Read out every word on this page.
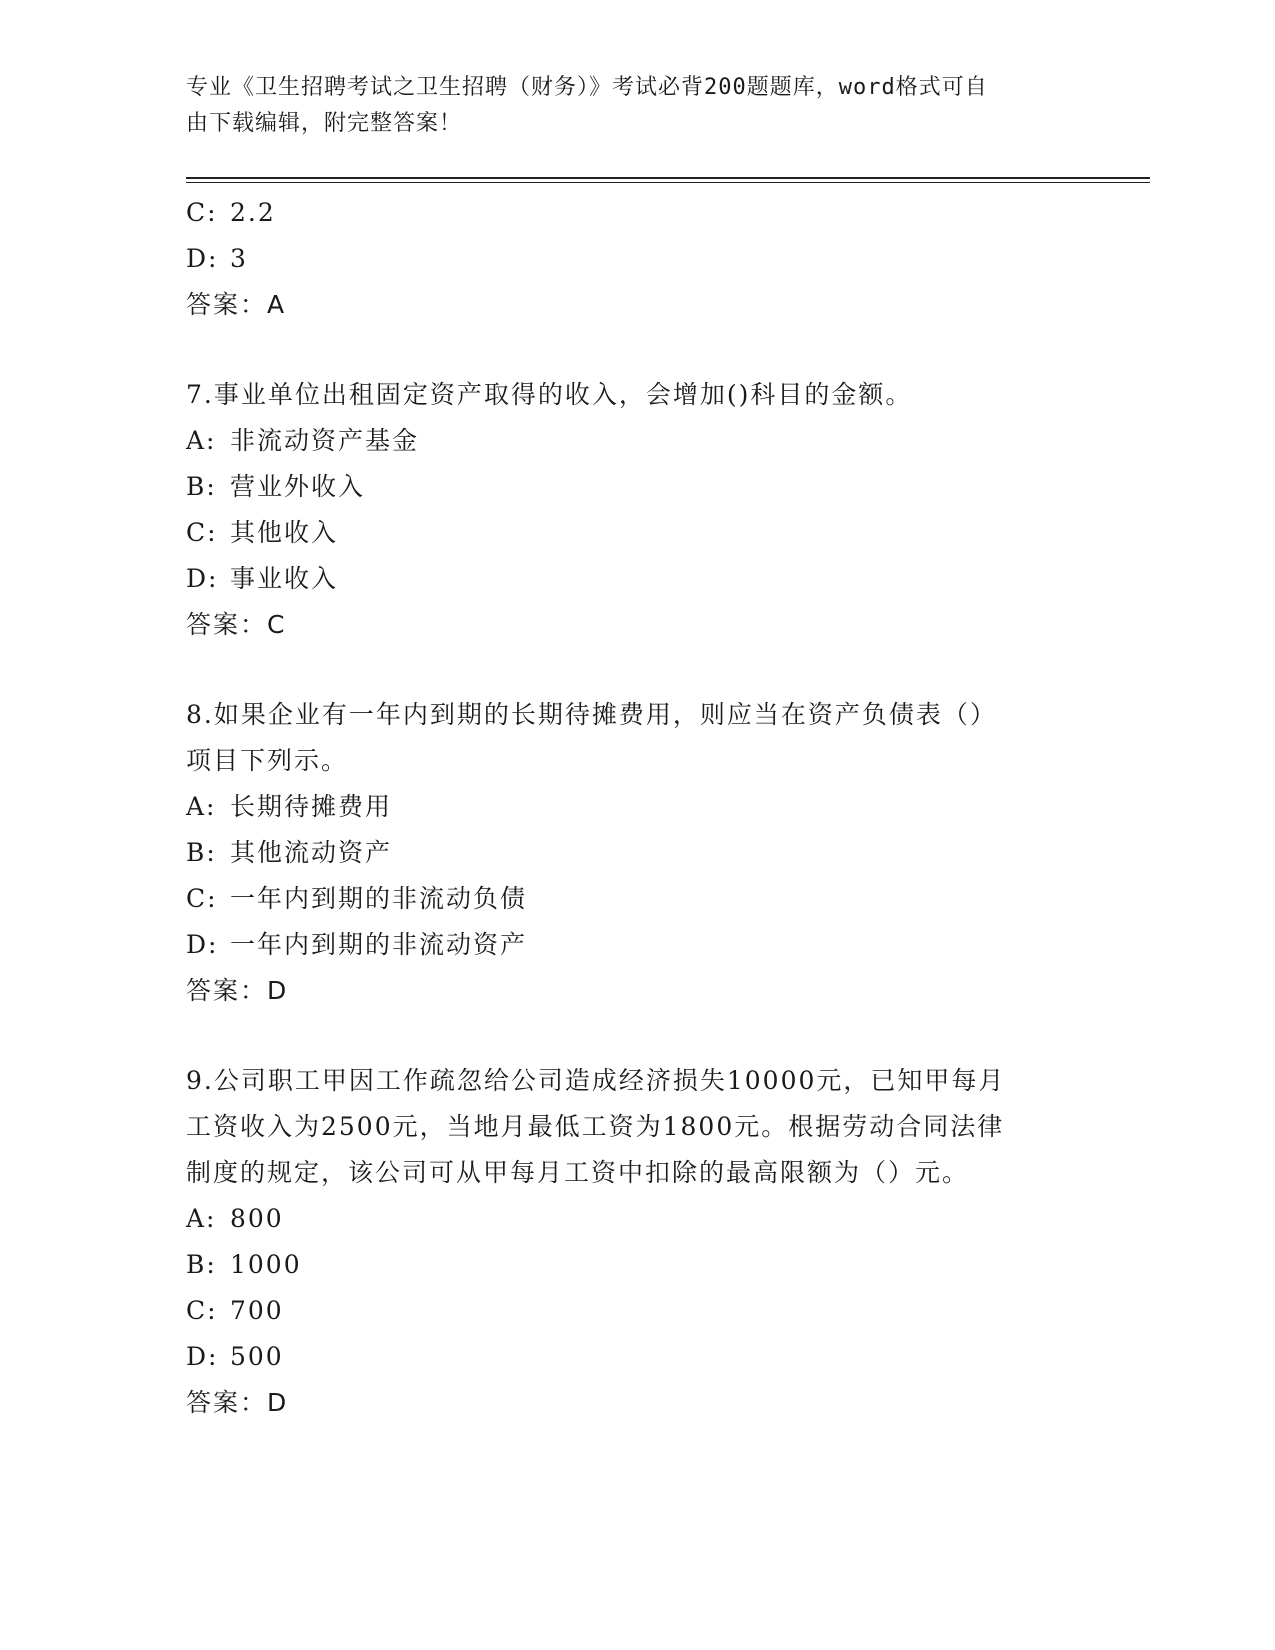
专业《卫生招聘考试之卫生招聘（财务）》考试必背200题题库，word格式可自
由下载编辑，附完整答案！
C: 2.2
D: 3
答案：A
7.事业单位出租固定资产取得的收入，会增加()科目的金额。
A: 非流动资产基金
B: 营业外收入
C: 其他收入
D: 事业收入
答案：C
8.如果企业有一年内到期的长期待摊费用，则应当在资产负债表（）
项目下列示。
A: 长期待摊费用
B: 其他流动资产
C: 一年内到期的非流动负债
D: 一年内到期的非流动资产
答案：D
9.公司职工甲因工作疏忽给公司造成经济损失10000元，已知甲每月
工资收入为2500元，当地月最低工资为1800元。根据劳动合同法律
制度的规定，该公司可从甲每月工资中扣除的最高限额为（）元。
A: 800
B: 1000
C: 700
D: 500
答案：D
